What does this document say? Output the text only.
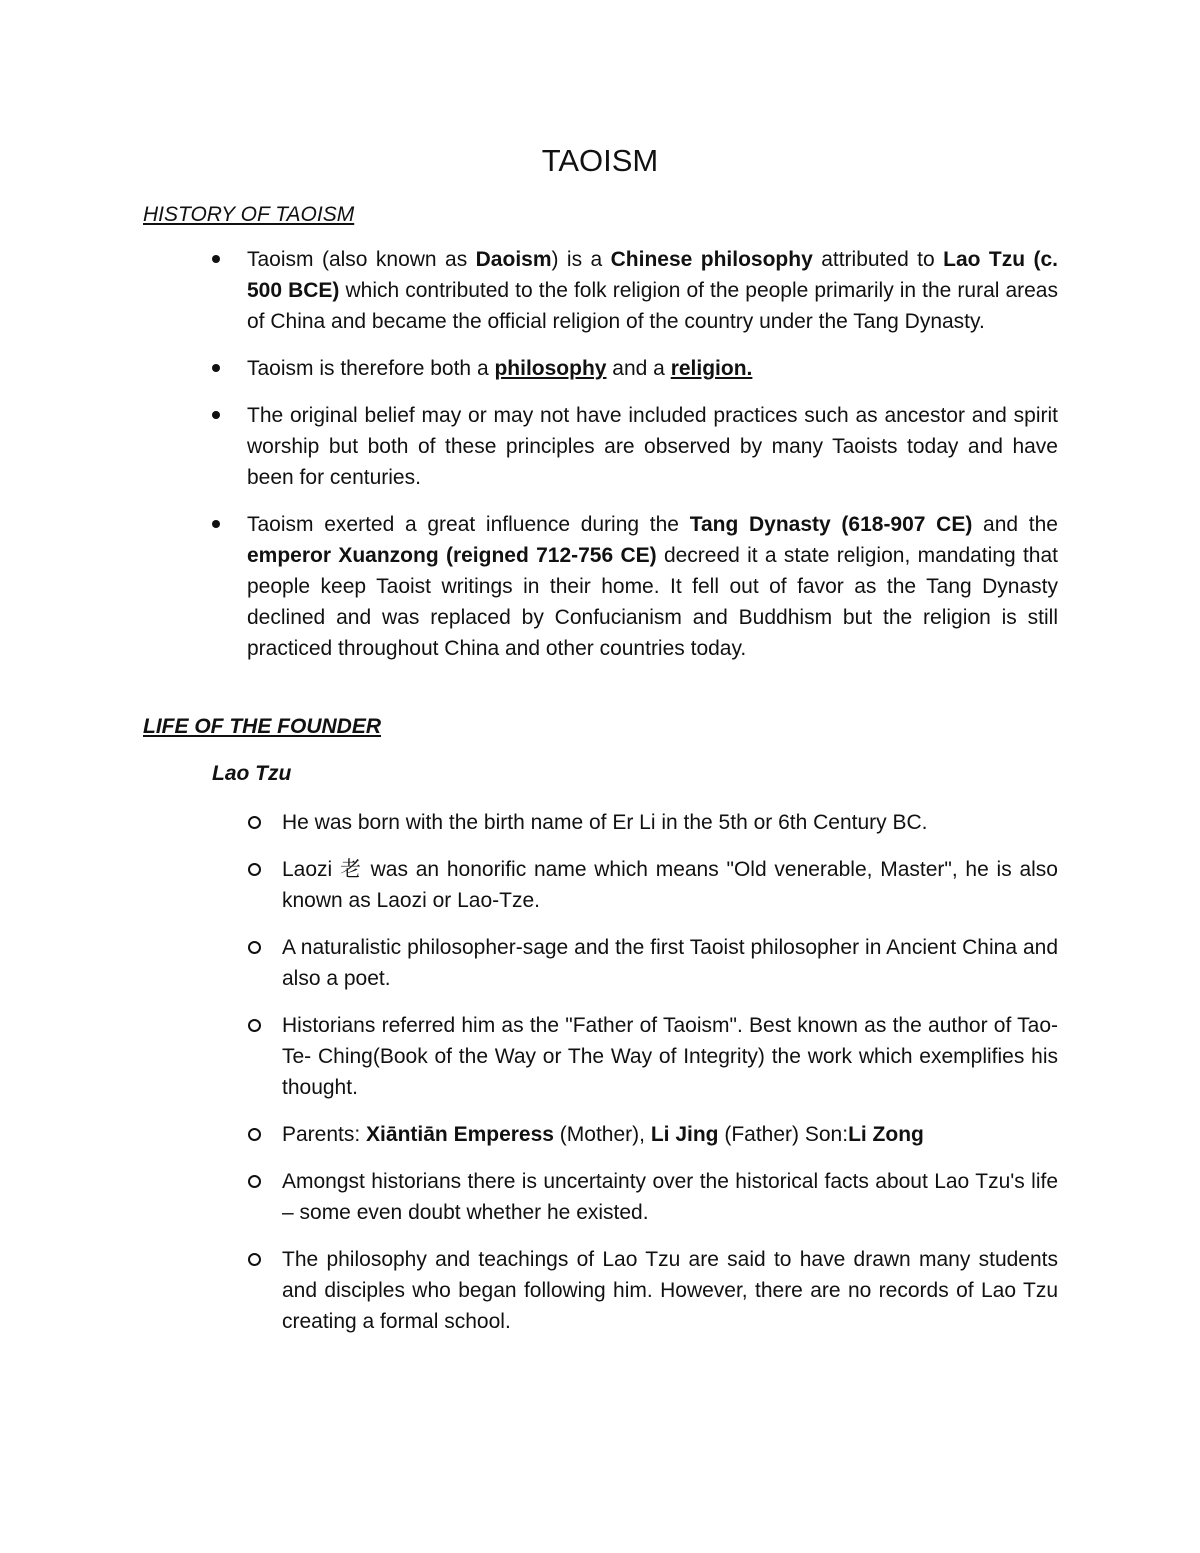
TAOISM
HISTORY OF TAOISM
Taoism (also known as Daoism) is a Chinese philosophy attributed to Lao Tzu (c. 500 BCE) which contributed to the folk religion of the people primarily in the rural areas of China and became the official religion of the country under the Tang Dynasty.
Taoism is therefore both a philosophy and a religion.
The original belief may or may not have included practices such as ancestor and spirit worship but both of these principles are observed by many Taoists today and have been for centuries.
Taoism exerted a great influence during the Tang Dynasty (618-907 CE) and the emperor Xuanzong (reigned 712-756 CE) decreed it a state religion, mandating that people keep Taoist writings in their home. It fell out of favor as the Tang Dynasty declined and was replaced by Confucianism and Buddhism but the religion is still practiced throughout China and other countries today.
LIFE OF THE FOUNDER
Lao Tzu
He was born with the birth name of Er Li in the 5th or 6th Century BC.
Laozi 老 was an honorific name which means "Old venerable, Master", he is also known as Laozi or Lao-Tze.
A naturalistic philosopher-sage and the first Taoist philosopher in Ancient China and also a poet.
Historians referred him as the "Father of Taoism". Best known as the author of Tao-Te- Ching(Book of the Way or The Way of Integrity) the work which exemplifies his thought.
Parents: Xiāntiān Emperess (Mother), Li Jing (Father) Son:Li Zong
Amongst historians there is uncertainty over the historical facts about Lao Tzu's life – some even doubt whether he existed.
The philosophy and teachings of Lao Tzu are said to have drawn many students and disciples who began following him. However, there are no records of Lao Tzu creating a formal school.
